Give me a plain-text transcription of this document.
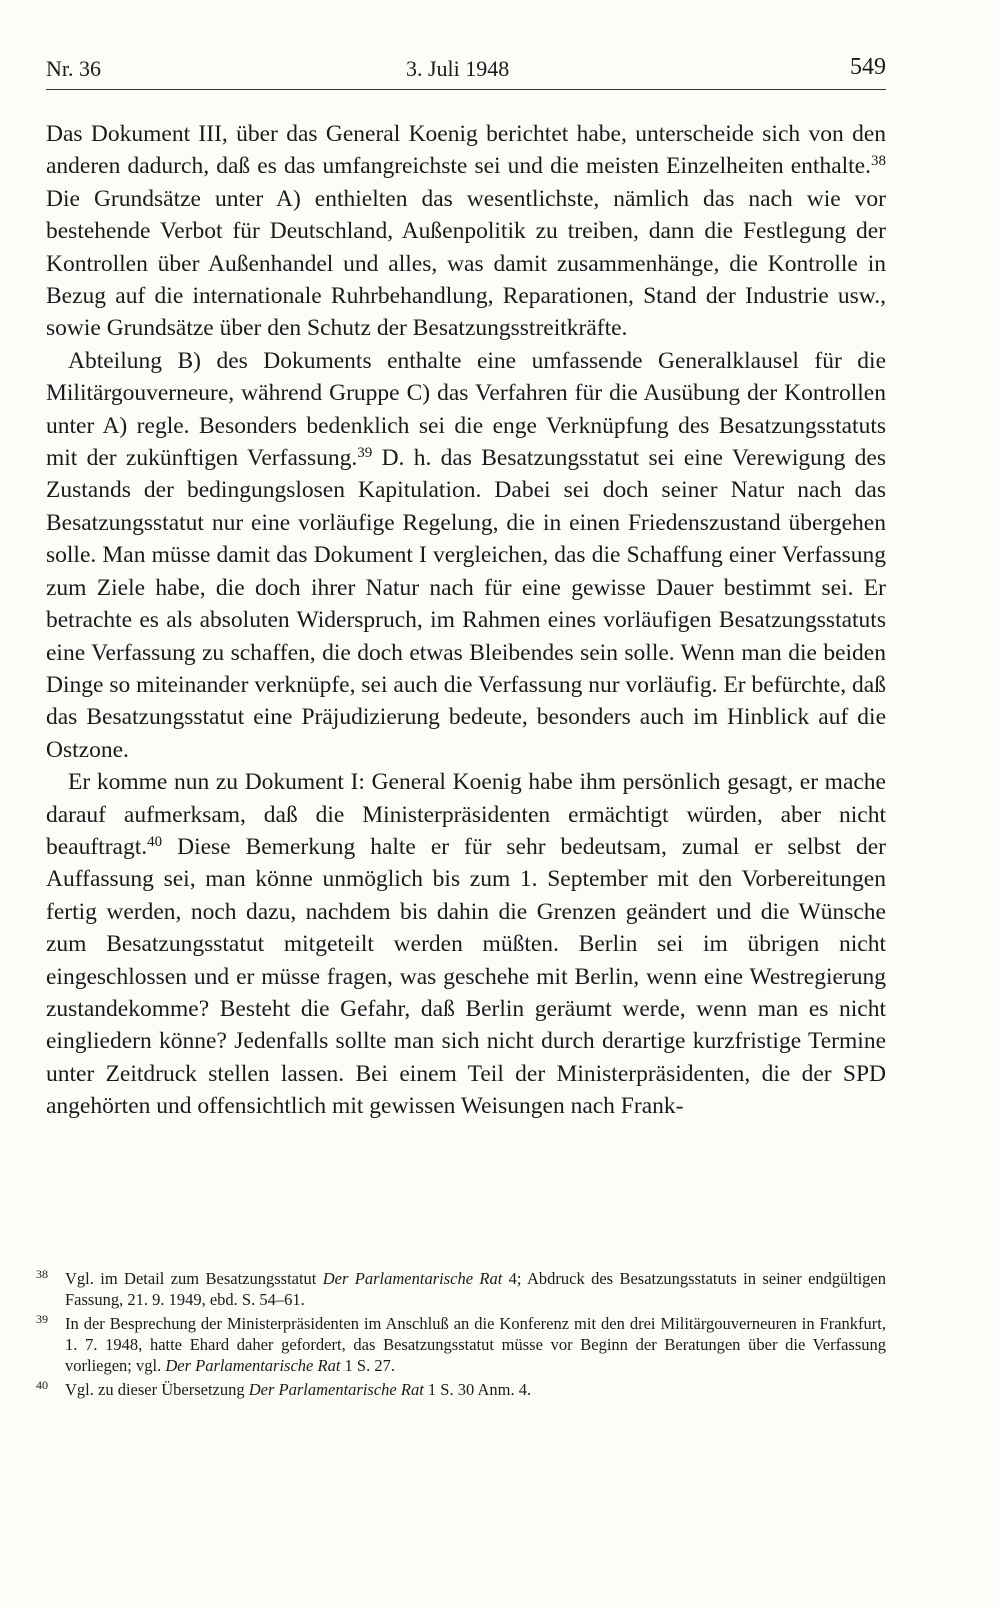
Nr. 36	3. Juli 1948	549

Das Dokument III, über das General Koenig berichtet habe, unterscheide sich von den anderen dadurch, daß es das umfangreichste sei und die meisten Einzelheiten enthalte.$^{38}$ Die Grundsätze unter A) enthielten das wesentlichste, nämlich das nach wie vor bestehende Verbot für Deutschland, Außenpolitik zu treiben, dann die Festlegung der Kontrollen über Außenhandel und alles, was damit zusammenhänge, die Kontrolle in Bezug auf die internationale Ruhrbehandlung, Reparationen, Stand der Industrie usw., sowie Grundsätze über den Schutz der Besatzungsstreitkräfte.

Abteilung B) des Dokuments enthalte eine umfassende Generalklausel für die Militärgouverneure, während Gruppe C) das Verfahren für die Ausübung der Kontrollen unter A) regle. Besonders bedenklich sei die enge Verknüpfung des Besatzungsstatuts mit der zukünftigen Verfassung.$^{39}$ D. h. das Besatzungsstatut sei eine Verewigung des Zustands der bedingungslosen Kapitulation. Dabei sei doch seiner Natur nach das Besatzungsstatut nur eine vorläufige Regelung, die in einen Friedenszustand übergehen solle. Man müsse damit das Dokument I vergleichen, das die Schaffung einer Verfassung zum Ziele habe, die doch ihrer Natur nach für eine gewisse Dauer bestimmt sei. Er betrachte es als absoluten Widerspruch, im Rahmen eines vorläufigen Besatzungsstatuts eine Verfassung zu schaffen, die doch etwas Bleibendes sein solle. Wenn man die beiden Dinge so miteinander verknüpfe, sei auch die Verfassung nur vorläufig. Er befürchte, daß das Besatzungsstatut eine Präjudizierung bedeute, besonders auch im Hinblick auf die Ostzone.

Er komme nun zu Dokument I: General Koenig habe ihm persönlich gesagt, er mache darauf aufmerksam, daß die Ministerpräsidenten ermächtigt würden, aber nicht beauftragt.$^{40}$ Diese Bemerkung halte er für sehr bedeutsam, zumal er selbst der Auffassung sei, man könne unmöglich bis zum 1. September mit den Vorbereitungen fertig werden, noch dazu, nachdem bis dahin die Grenzen geändert und die Wünsche zum Besatzungsstatut mitgeteilt werden müßten. Berlin sei im übrigen nicht eingeschlossen und er müsse fragen, was geschehe mit Berlin, wenn eine Westregierung zustandekomme? Besteht die Gefahr, daß Berlin geräumt werde, wenn man es nicht eingliedern könne? Jedenfalls sollte man sich nicht durch derartige kurzfristige Termine unter Zeitdruck stellen lassen. Bei einem Teil der Ministerpräsidenten, die der SPD angehörten und offensichtlich mit gewissen Weisungen nach Frank-

38 Vgl. im Detail zum Besatzungsstatut Der Parlamentarische Rat 4; Abdruck des Besatzungsstatuts in seiner endgültigen Fassung, 21. 9. 1949, ebd. S. 54–61.
39 In der Besprechung der Ministerpräsidenten im Anschluß an die Konferenz mit den drei Militärgouverneuren in Frankfurt, 1. 7. 1948, hatte Ehard daher gefordert, das Besatzungsstatut müsse vor Beginn der Beratungen über die Verfassung vorliegen; vgl. Der Parlamentarische Rat 1 S. 27.
40 Vgl. zu dieser Übersetzung Der Parlamentarische Rat 1 S. 30 Anm. 4.
